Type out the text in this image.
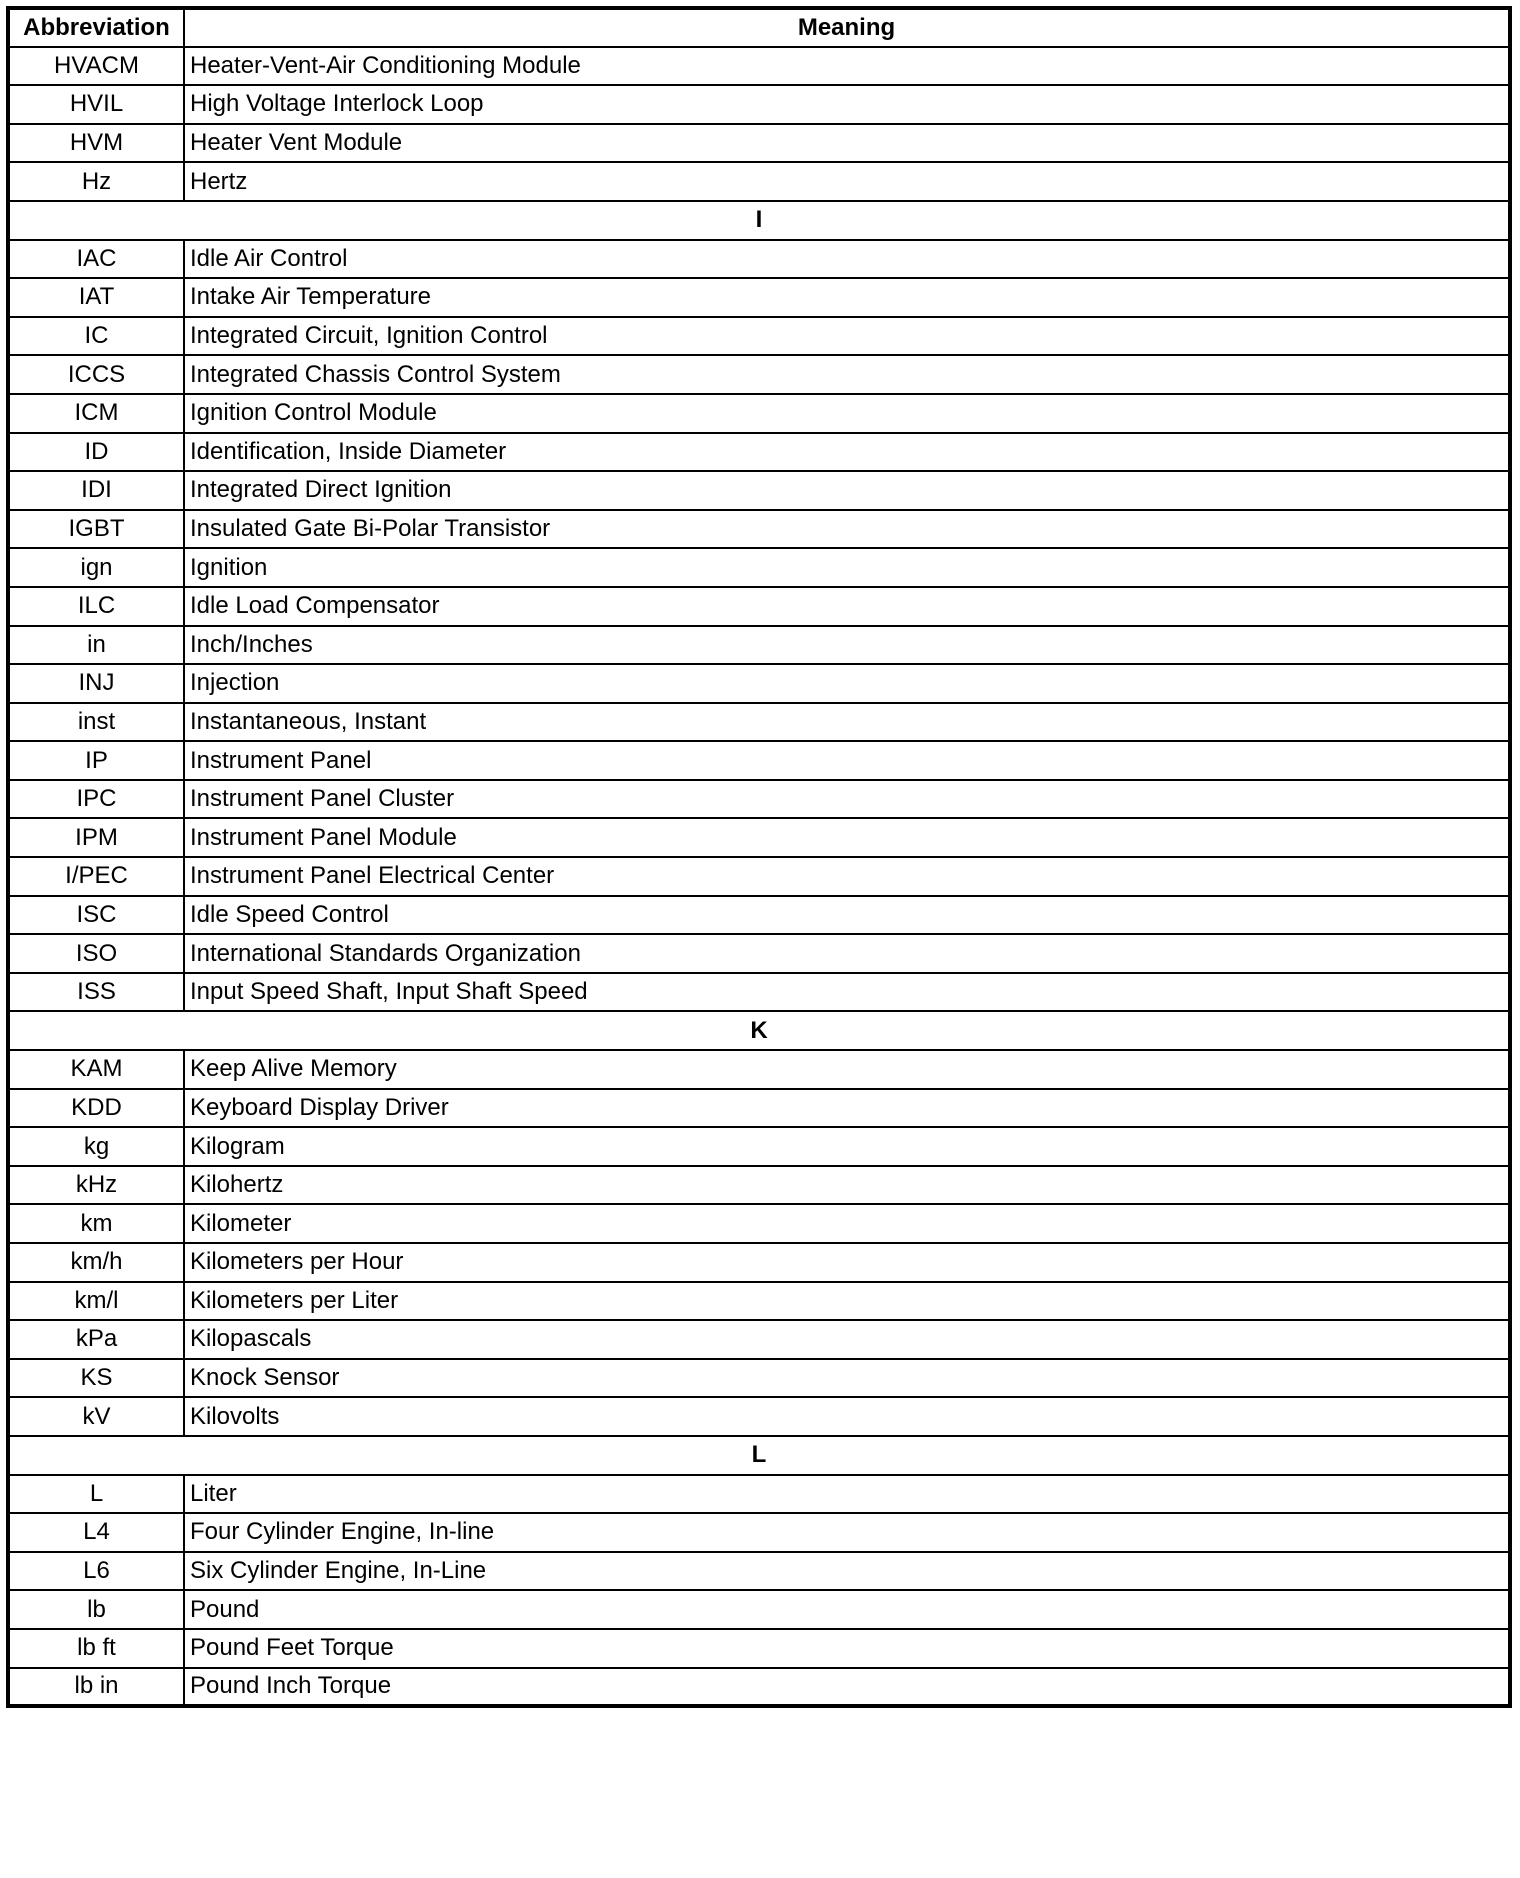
Abbreviation	Meaning
HVACM	Heater-Vent-Air Conditioning Module
HVIL	High Voltage Interlock Loop
HVM	Heater Vent Module
Hz	Hertz
I	
IAC	Idle Air Control
IAT	Intake Air Temperature
IC	Integrated Circuit, Ignition Control
ICCS	Integrated Chassis Control System
ICM	Ignition Control Module
ID	Identification, Inside Diameter
IDI	Integrated Direct Ignition
IGBT	Insulated Gate Bi-Polar Transistor
ign	Ignition
ILC	Idle Load Compensator
in	Inch/Inches
INJ	Injection
inst	Instantaneous, Instant
IP	Instrument Panel
IPC	Instrument Panel Cluster
IPM	Instrument Panel Module
I/PEC	Instrument Panel Electrical Center
ISC	Idle Speed Control
ISO	International Standards Organization
ISS	Input Speed Shaft, Input Shaft Speed
K	
KAM	Keep Alive Memory
KDD	Keyboard Display Driver
kg	Kilogram
kHz	Kilohertz
km	Kilometer
km/h	Kilometers per Hour
km/l	Kilometers per Liter
kPa	Kilopascals
KS	Knock Sensor
kV	Kilovolts
L	
L	Liter
L4	Four Cylinder Engine, In-line
L6	Six Cylinder Engine, In-Line
lb	Pound
lb ft	Pound Feet Torque
lb in	Pound Inch Torque
